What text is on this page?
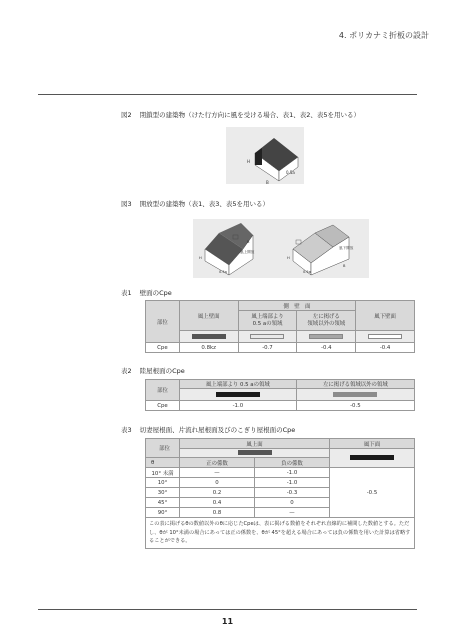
4. ポリカナミ折板の設計
図2 閉鎖型の建築物（けた行方向に風を受ける場合、表1、表2、表5を用いる）
H
B
0.5a
図3 開放型の建築物（表1、表3、表5を用いる）
風上開放
H
B
0.5a
風下開放
H
B
0.5a
表1 壁面のCpe
部位	風上壁面	側　壁　面		風下壁面
		風上端部より
0.5 aの領域	左に掲げる
領域以外の領域	

Cpe	0.8kz	-0.7	-0.4	-0.4
表2 陸屋根面のCpe
部位	風上端部より 0.5 aの領域	左に掲げる領域以外の領域

Cpe	-1.0	-0.5
表3 切妻屋根面、片流れ屋根面及びのこぎり屋根面のCpe
部位	風上面		風下面

θ	正の係数	負の係数	
10° 未満	—	-1.0	-0.5
10°	0	-1.0	
30°	0.2	-0.3	
45°	0.4	0	
90°	0.8	—	
この表に掲げるθの数値以外のθに応じたCpeは、表に掲げる数値をそれぞれ直線的に補間した数値とする。ただし、θが 10°未満の場合にあっては正の係数を、θが 45°を超える場合にあっては負の係数を用いた計算は省略することができる。			
11
